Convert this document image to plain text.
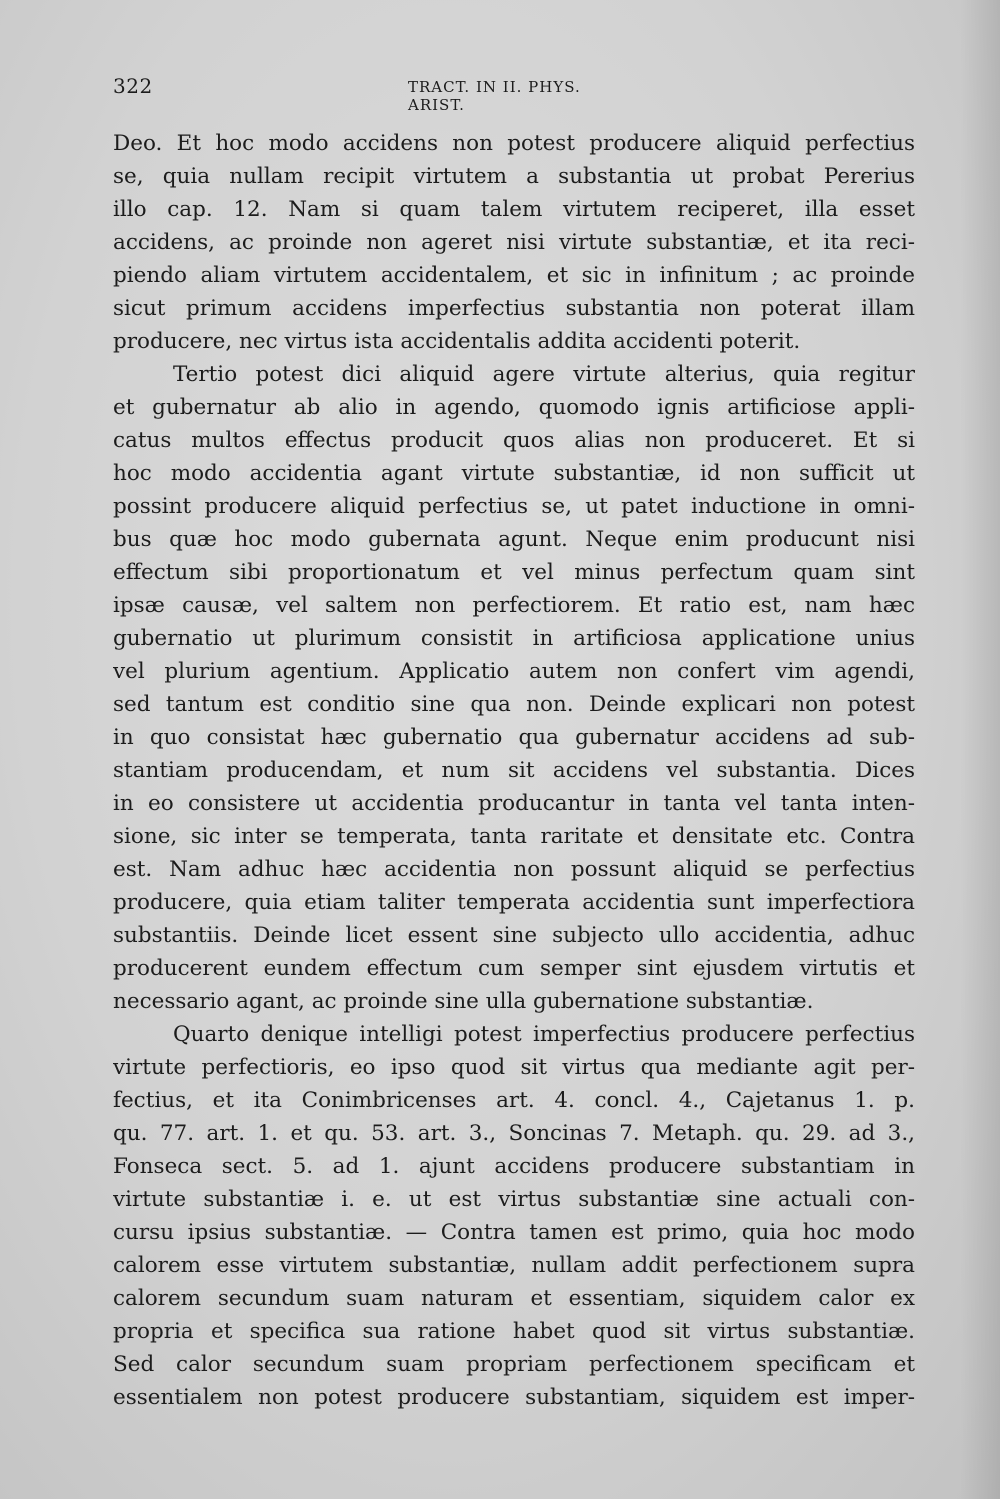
322	TRACT. IN II. PHYS. ARIST.
Deo. Et hoc modo accidens non potest producere aliquid perfectius
se, quia nullam recipit virtutem a substantia ut probat Pererius
illo cap. 12. Nam si quam talem virtutem reciperet, illa esset
accidens, ac proinde non ageret nisi virtute substantiæ, et ita reci-
piendo aliam virtutem accidentalem, et sic in infinitum ; ac proinde
sicut primum accidens imperfectius substantia non poterat illam
producere, nec virtus ista accidentalis addita accidenti poterit.
Tertio potest dici aliquid agere virtute alterius, quia regitur
et gubernatur ab alio in agendo, quomodo ignis artificiose appli-
catus multos effectus producit quos alias non produceret. Et si
hoc modo accidentia agant virtute substantiæ, id non sufficit ut
possint producere aliquid perfectius se, ut patet inductione in omni-
bus quæ hoc modo gubernata agunt. Neque enim producunt nisi
effectum sibi proportionatum et vel minus perfectum quam sint
ipsæ causæ, vel saltem non perfectiorem. Et ratio est, nam hæc
gubernatio ut plurimum consistit in artificiosa applicatione unius
vel plurium agentium. Applicatio autem non confert vim agendi,
sed tantum est conditio sine qua non. Deinde explicari non potest
in quo consistat hæc gubernatio qua gubernatur accidens ad sub-
stantiam producendam, et num sit accidens vel substantia. Dices
in eo consistere ut accidentia producantur in tanta vel tanta inten-
sione, sic inter se temperata, tanta raritate et densitate etc. Contra
est. Nam adhuc hæc accidentia non possunt aliquid se perfectius
producere, quia etiam taliter temperata accidentia sunt imperfectiora
substantiis. Deinde licet essent sine subjecto ullo accidentia, adhuc
producerent eundem effectum cum semper sint ejusdem virtutis et
necessario agant, ac proinde sine ulla gubernatione substantiæ.
Quarto denique intelligi potest imperfectius producere perfectius
virtute perfectioris, eo ipso quod sit virtus qua mediante agit per-
fectius, et ita Conimbricenses art. 4. concl. 4., Cajetanus 1. p.
qu. 77. art. 1. et qu. 53. art. 3., Soncinas 7. Metaph. qu. 29. ad 3.,
Fonseca sect. 5. ad 1. ajunt accidens producere substantiam in
virtute substantiæ i. e. ut est virtus substantiæ sine actuali con-
cursu ipsius substantiæ. — Contra tamen est primo, quia hoc modo
calorem esse virtutem substantiæ, nullam addit perfectionem supra
calorem secundum suam naturam et essentiam, siquidem calor ex
propria et specifica sua ratione habet quod sit virtus substantiæ.
Sed calor secundum suam propriam perfectionem specificam et
essentialem non potest producere substantiam, siquidem est imper-
